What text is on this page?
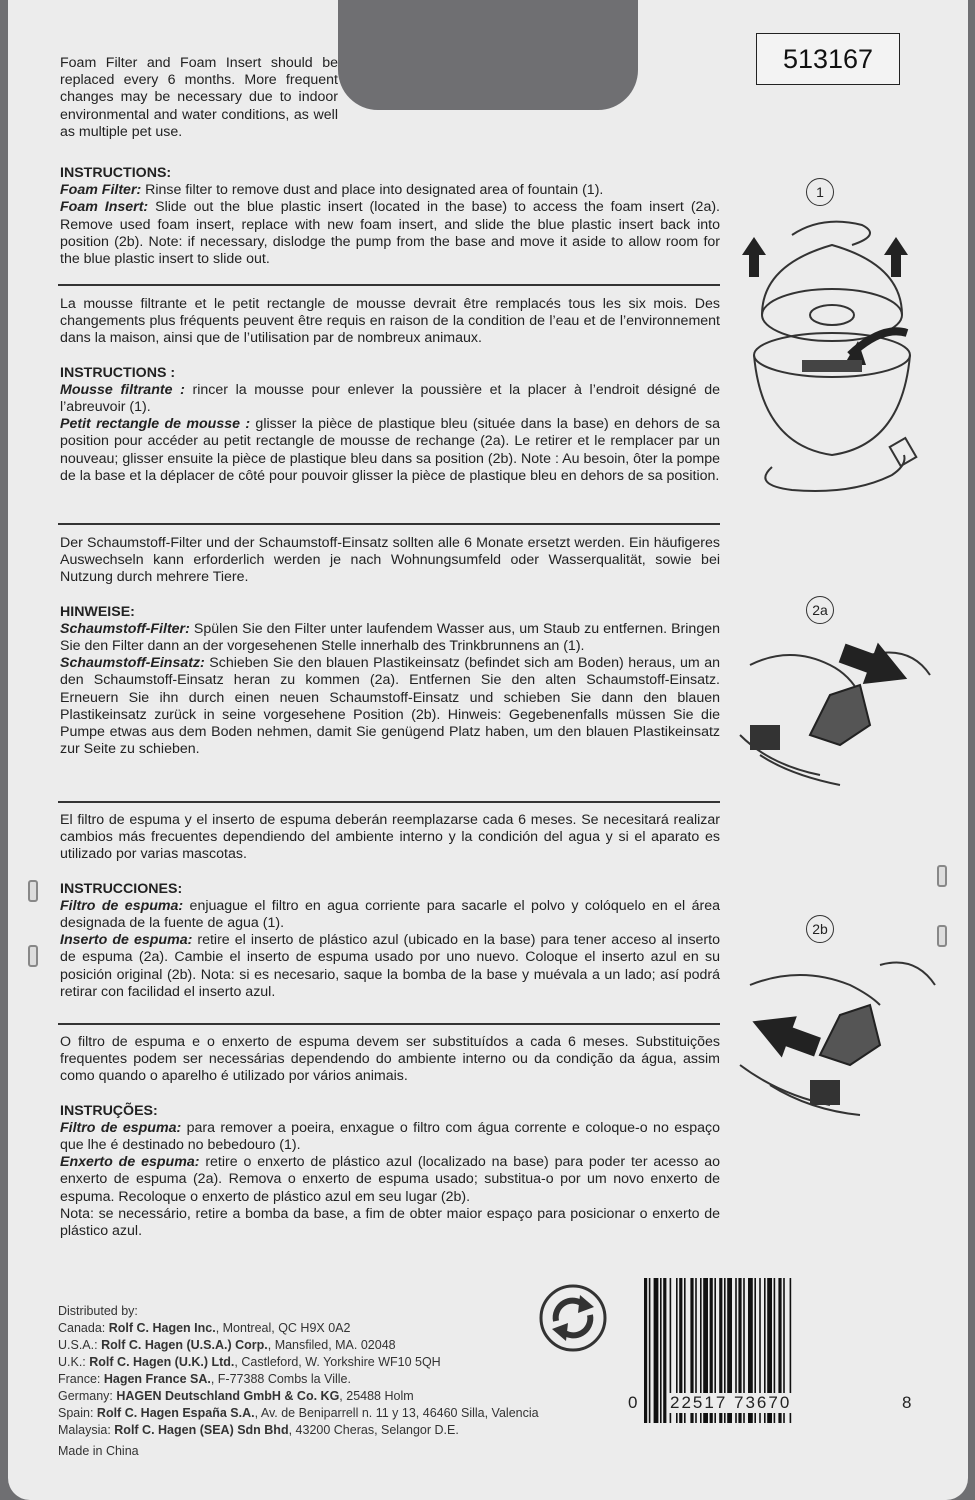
513167

Foam Filter and Foam Insert should be replaced every 6 months. More frequent changes may be necessary due to indoor environmental and water conditions, as well as multiple pet use.

INSTRUCTIONS:

Foam Filter: Rinse filter to remove dust and place into designated area of fountain (1).

Foam Insert: Slide out the blue plastic insert (located in the base) to access the foam insert (2a). Remove used foam insert, replace with new foam insert, and slide the blue plastic insert back into position (2b). Note: if necessary, dislodge the pump from the base and move it aside to allow room for the blue plastic insert to slide out.

La mousse filtrante et le petit rectangle de mousse devrait être remplacés tous les six mois. Des changements plus fréquents peuvent être requis en raison de la condition de l’eau et de l’environnement dans la maison, ainsi que de l’utilisation par de nombreux animaux.

INSTRUCTIONS :

Mousse filtrante : rincer la mousse pour enlever la poussière et la placer à l’endroit désigné de l’abreuvoir (1).

Petit rectangle de mousse : glisser la pièce de plastique bleu (située dans la base) en dehors de sa position pour accéder au petit rectangle de mousse de rechange (2a). Le retirer et le remplacer par un nouveau; glisser ensuite la pièce de plastique bleu dans sa position (2b). Note : Au besoin, ôter la pompe de la base et la déplacer de côté pour pouvoir glisser la pièce de plastique bleu en dehors de sa position.

Der Schaumstoff-Filter und der Schaumstoff-Einsatz sollten alle 6 Monate ersetzt werden. Ein häufigeres Auswechseln kann erforderlich werden je nach Wohnungsumfeld oder Wasserqualität, sowie bei Nutzung durch mehrere Tiere.

HINWEISE:

Schaumstoff-Filter: Spülen Sie den Filter unter laufendem Wasser aus, um Staub zu entfernen. Bringen Sie den Filter dann an der vorgesehenen Stelle innerhalb des Trinkbrunnens an (1).

Schaumstoff-Einsatz: Schieben Sie den blauen Plastikeinsatz (befindet sich am Boden) heraus, um an den Schaumstoff-Einsatz heran zu kommen (2a). Entfernen Sie den alten Schaumstoff-Einsatz. Erneuern Sie ihn durch einen neuen Schaumstoff-Einsatz und schieben Sie dann den blauen Plastikeinsatz zurück in seine vorgesehene Position (2b). Hinweis: Gegebenenfalls müssen Sie die Pumpe etwas aus dem Boden nehmen, damit Sie genügend Platz haben, um den blauen Plastikeinsatz zur Seite zu schieben.

El filtro de espuma y el inserto de espuma deberán reemplazarse cada 6 meses. Se necesitará realizar cambios más frecuentes dependiendo del ambiente interno y la condición del agua y si el aparato es utilizado por varias mascotas.

INSTRUCCIONES:

Filtro de espuma: enjuague el filtro en agua corriente para sacarle el polvo y colóquelo en el área designada de la fuente de agua (1).

Inserto de espuma: retire el inserto de plástico azul (ubicado en la base) para tener acceso al inserto de espuma (2a). Cambie el inserto de espuma usado por uno nuevo. Coloque el inserto azul en su posición original (2b). Nota: si es necesario, saque la bomba de la base y muévala a un lado; así podrá retirar con facilidad el inserto azul.

O filtro de espuma e o enxerto de espuma devem ser substituídos a cada 6 meses. Substituições frequentes podem ser necessárias dependendo do ambiente interno ou da condição da água, assim como quando o aparelho é utilizado por vários animais.

INSTRUÇÕES:

Filtro de espuma: para remover a poeira, enxague o filtro com água corrente e coloque-o no espaço que lhe é destinado no bebedouro (1).

Enxerto de espuma: retire o enxerto de plástico azul (localizado na base) para poder ter acesso ao enxerto de espuma (2a). Remova o enxerto de espuma usado; substitua-o por um novo enxerto de espuma. Recoloque o enxerto de plástico azul em seu lugar (2b).

Nota: se necessário, retire a bomba da base, a fim de obter maior espaço para posicionar o enxerto de plástico azul.

Distributed by:
Canada: Rolf C. Hagen Inc., Montreal, QC H9X 0A2
U.S.A.: Rolf C. Hagen (U.S.A.) Corp., Mansfiled, MA. 02048
U.K.: Rolf C. Hagen (U.K.) Ltd., Castleford, W. Yorkshire WF10 5QH
France: Hagen France SA., F-77388 Combs la Ville.
Germany: HAGEN Deutschland GmbH & Co. KG, 25488 Holm
Spain: Rolf C. Hagen España S.A., Av. de Beniparrell n. 11 y 13, 46460 Silla, Valencia
Malaysia: Rolf C. Hagen (SEA) Sdn Bhd, 43200 Cheras, Selangor D.E.
Made in China
0 22517 73670	8
1
2a
2b
